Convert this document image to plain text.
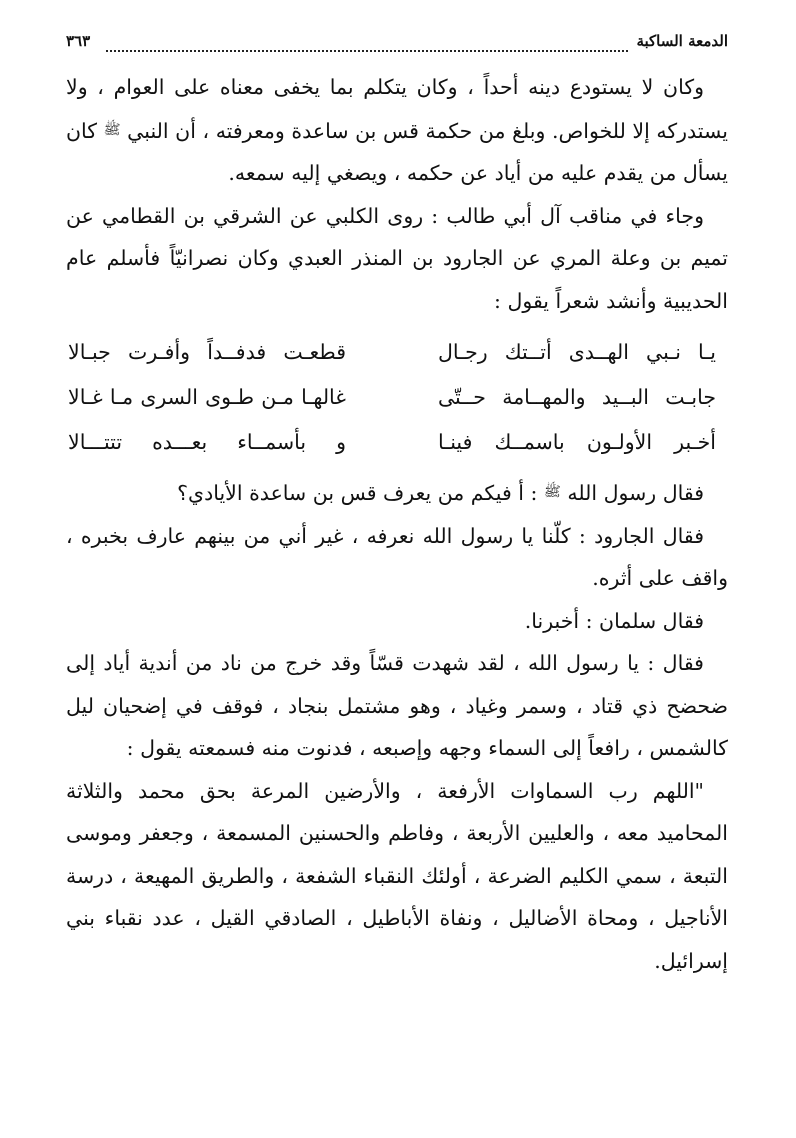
الدمعة الساكبة
٣٦٣

وكان لا يستودع دينه أحداً ، وكان يتكلم بما يخفى معناه على العوام ، ولا يستدركه إلا للخواص. وبلغ من حكمة قس بن ساعدة ومعرفته ، أن النبي ﷺ كان يسأل من يقدم عليه من أياد عن حكمه ، ويصغي إليه سمعه.

وجاء في مناقب آل أبي طالب : روى الكلبي عن الشرقي بن القطامي عن تميم بن وعلة المري عن الجارود بن المنذر العبدي وكان نصرانيّاً فأسلم عام الحديبية وأنشد شعراً يقول :

يـا نـبي الهــدى أتــتك رجـال
قطعـت فدفــداً وأفـرت جبـالا
جابـت البــيد والمهــامة حــتّى
غالهـا مـن طـوى السرى مـا غـالا
أخـبر الأولـون باسمــك فينـا
و بأسمــاء بعـــده تتتـــالا

فقال رسول الله ﷺ : أ فيكم من يعرف قس بن ساعدة الأيادي؟

فقال الجارود : كلّنا يا رسول الله نعرفه ، غير أني من بينهم عارف بخبره ، واقف على أثره.

فقال سلمان : أخبرنا.

فقال : يا رسول الله ، لقد شهدت قسّاً وقد خرج من ناد من أندية أياد إلى ضحضح ذي قتاد ، وسمر وغياد ، وهو مشتمل بنجاد ، فوقف في إضحيان ليل كالشمس ، رافعاً إلى السماء وجهه وإصبعه ، فدنوت منه فسمعته يقول :

"اللهم رب السماوات الأرفعة ، والأرضين المرعة بحق محمد والثلاثة المحاميد معه ، والعليين الأربعة ، وفاطم والحسنين المسمعة ، وجعفر وموسى التبعة ، سمي الكليم الضرعة ، أولئك النقباء الشفعة ، والطريق المهيعة ، درسة الأناجيل ، ومحاة الأضاليل ، ونفاة الأباطيل ، الصادقي القيل ، عدد نقباء بني إسرائيل.
